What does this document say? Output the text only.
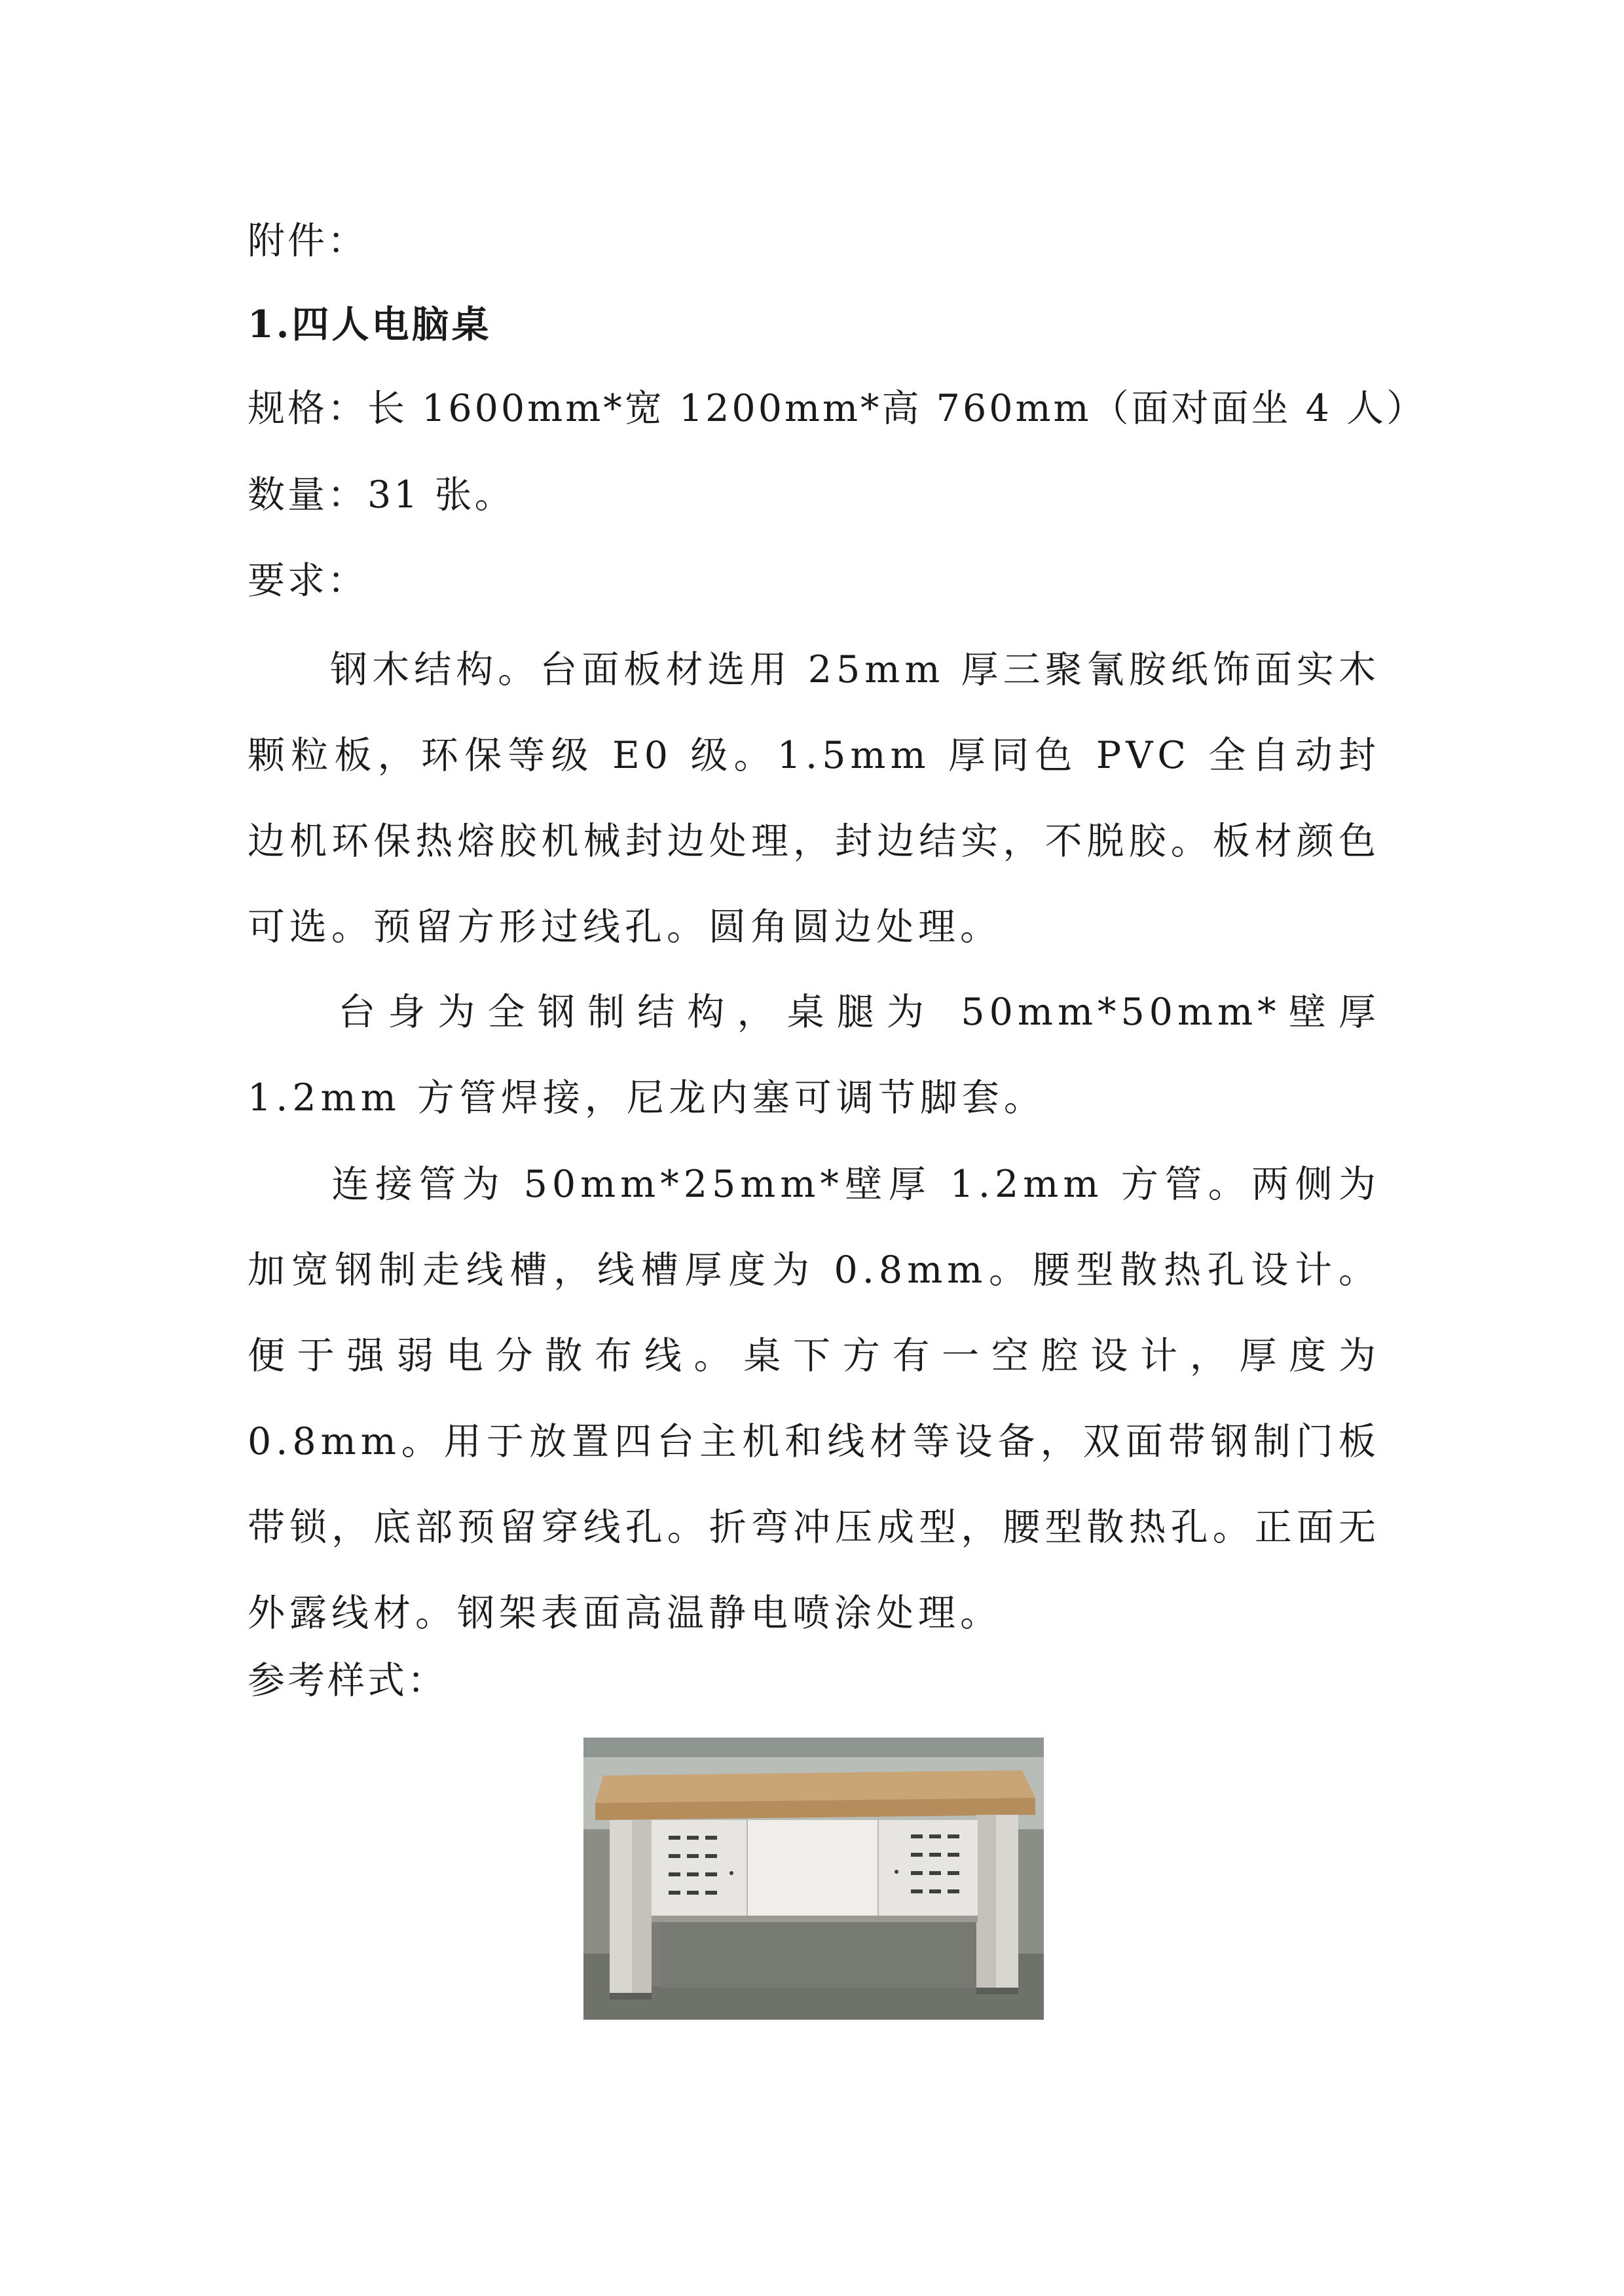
附件：
1.四人电脑桌
规格：长 1600mm*宽 1200mm*高 760mm（面对面坐 4 人）
数量：31 张。
要求：
钢木结构。台面板材选用 25mm 厚三聚氰胺纸饰面实木颗粒板，环保等级 E0 级。1.5mm 厚同色 PVC 全自动封边机环保热熔胶机械封边处理，封边结实，不脱胶。板材颜色可选。预留方形过线孔。圆角圆边处理。
台身为全钢制结构，桌腿为 50mm*50mm*壁厚 1.2mm 方管焊接，尼龙内塞可调节脚套。
连接管为 50mm*25mm*壁厚 1.2mm 方管。两侧为加宽钢制走线槽，线槽厚度为 0.8mm。腰型散热孔设计。便于强弱电分散布线。桌下方有一空腔设计，厚度为 0.8mm。用于放置四台主机和线材等设备，双面带钢制门板带锁，底部预留穿线孔。折弯冲压成型，腰型散热孔。正面无外露线材。钢架表面高温静电喷涂处理。
参考样式：
